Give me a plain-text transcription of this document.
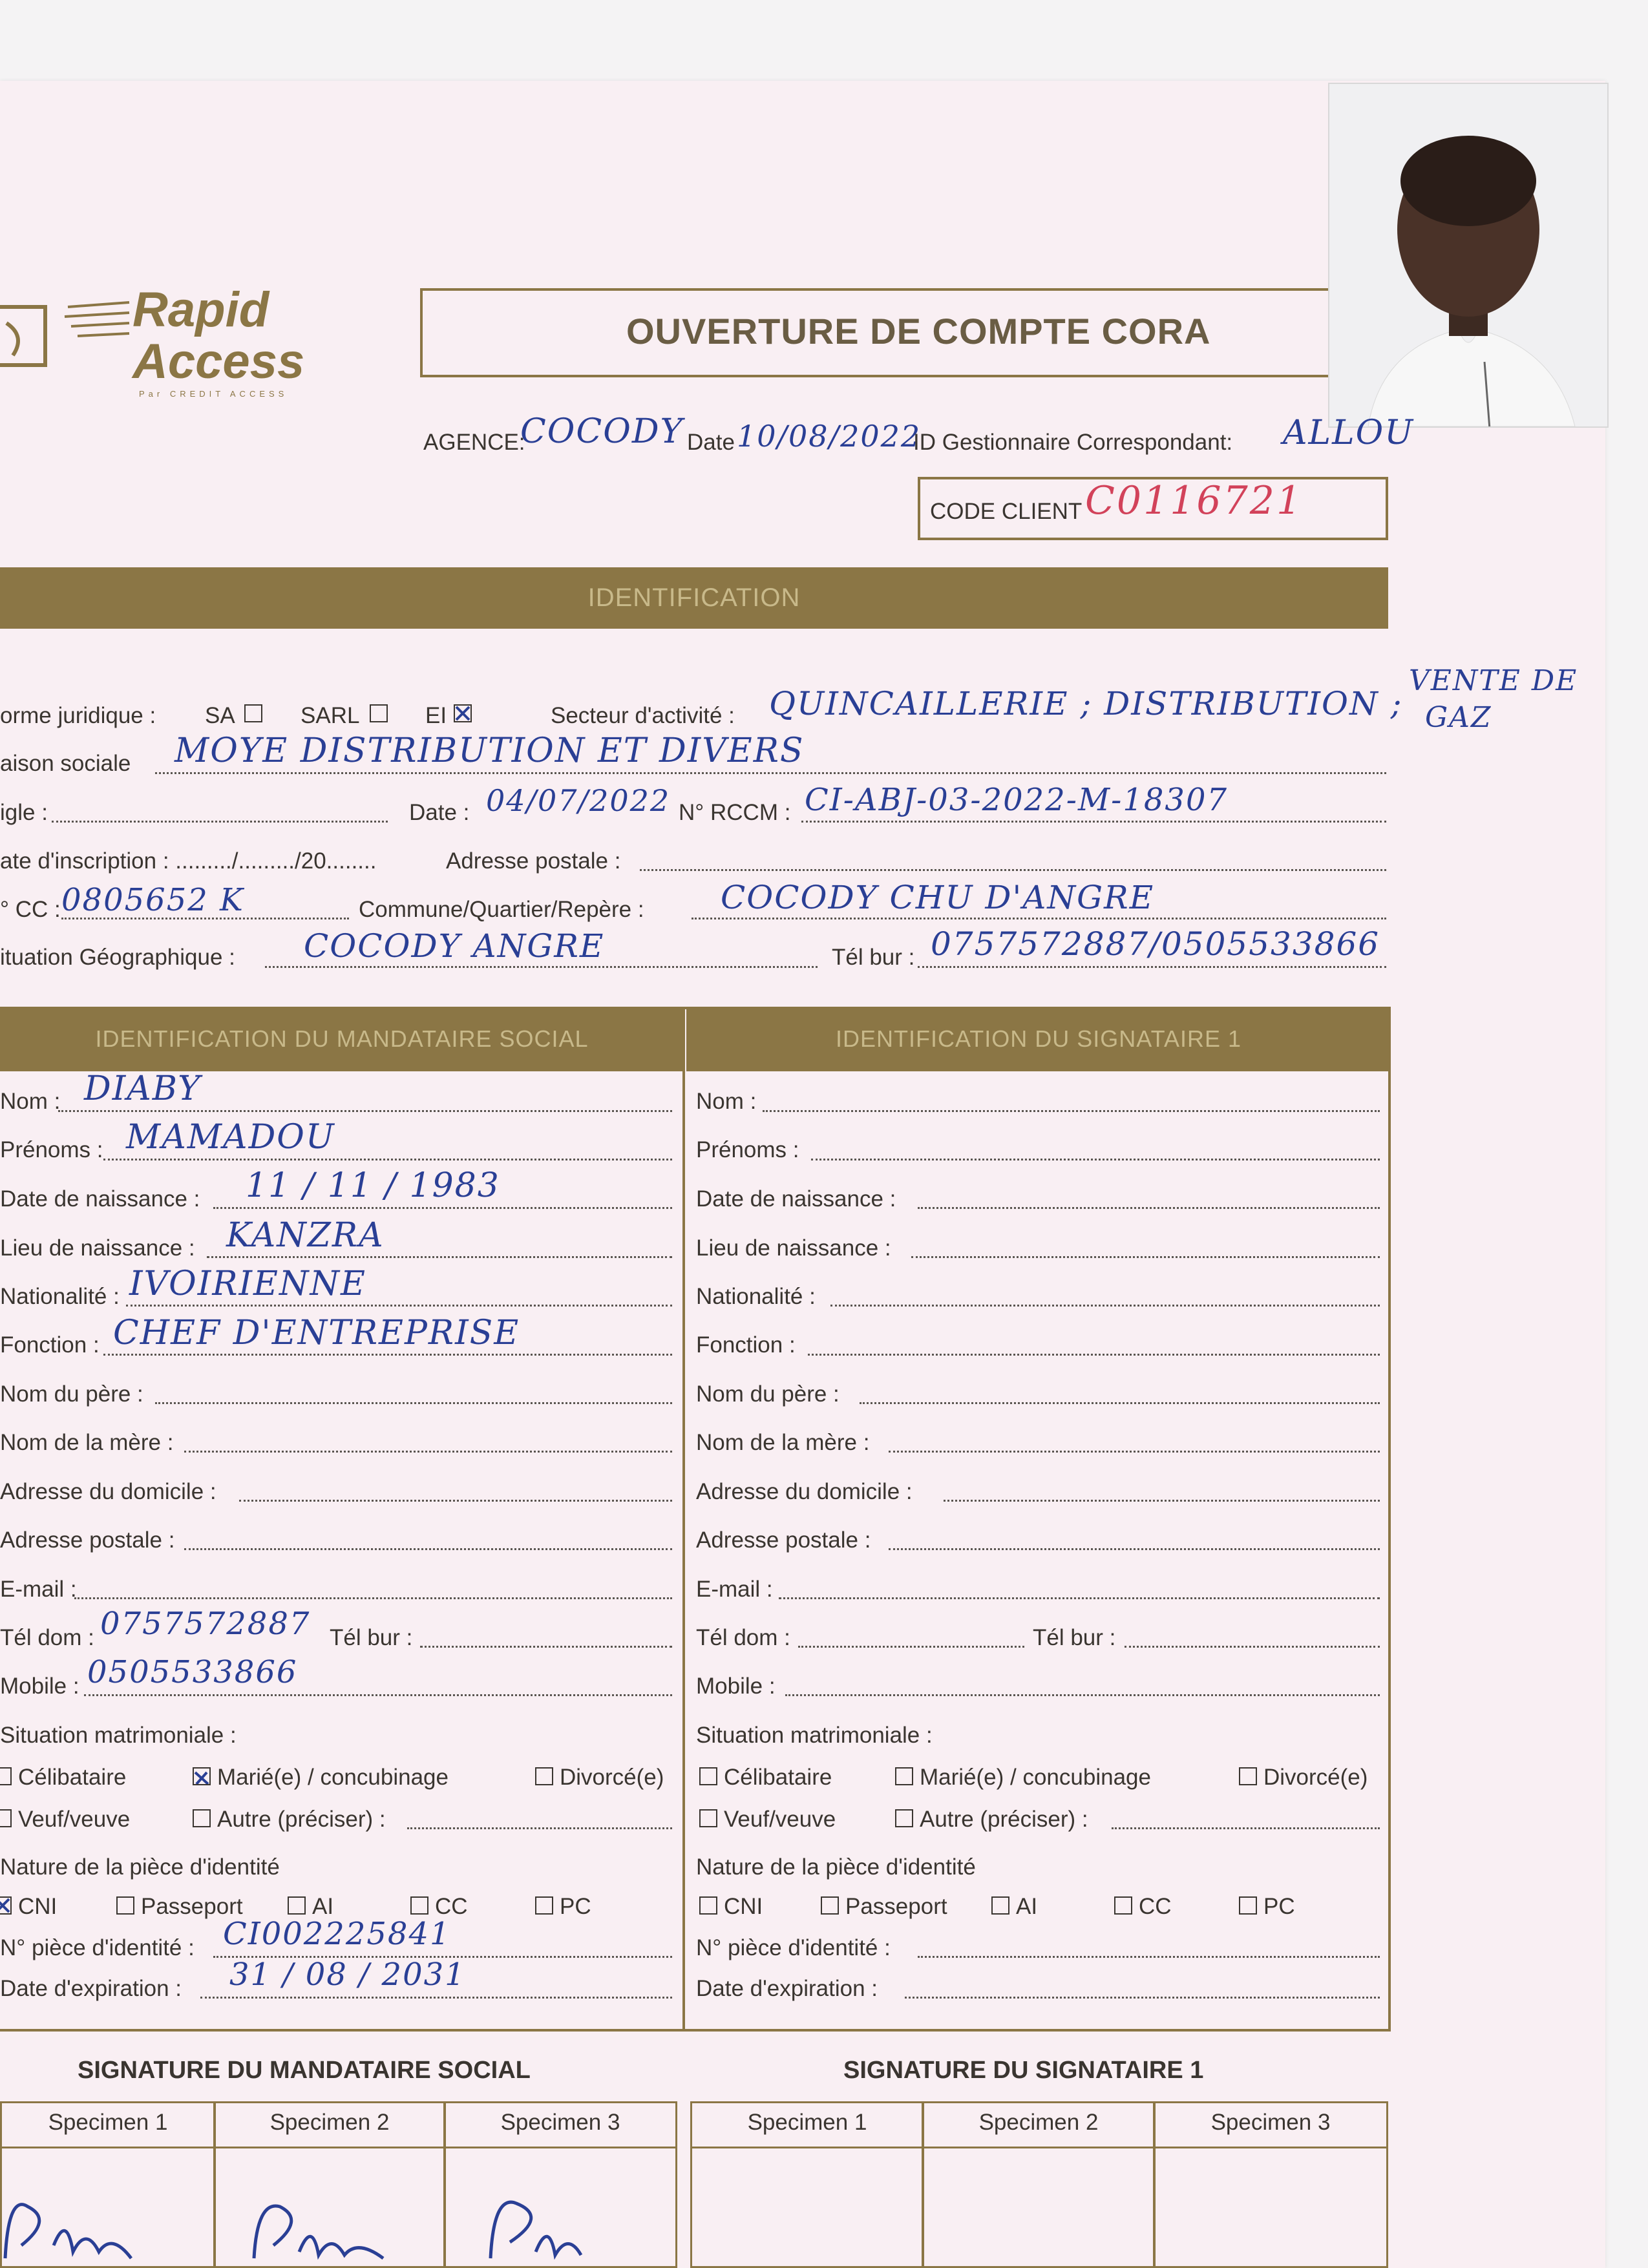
Rapid Access
Par CREDIT ACCESS
OUVERTURE DE COMPTE CORA
AGENCE:
COCODY Date 10/08/2022
ID Gestionnaire Correspondant: ALLOU
CODE CLIENT C0116721
IDENTIFICATION
orme juridique : SA	SARL	EI	Secteur d'activité : QUINCAILLERIE ; DISTRIBUTION ;
VENTE DE
GAZ
aison sociale MOYE DISTRIBUTION ET DIVERS
igle :	Date : 04/07/2022 N° RCCM : CI-ABJ-03-2022-M-18307
ate d'inscription : ........./........./20........	Adresse postale :
° CC : 0805652 K	Commune/Quartier/Repère : COCODY CHU D'ANGRE
ituation Géographique : COCODY ANGRE	Tél bur : 0757572887/0505533866
IDENTIFICATION DU MANDATAIRE SOCIAL	IDENTIFICATION DU SIGNATAIRE 1
Nom : DIABY
Prénoms : MAMADOU
Date de naissance : 11 / 11 / 1983
Lieu de naissance : KANZRA
Nationalité : IVOIRIENNE
Fonction : CHEF D'ENTREPRISE
Nom du père :
Nom de la mère :
Adresse du domicile :
Adresse postale :
E-mail :
Tél dom : 0757572887 Tél bur :
Mobile : 0505533866
Situation matrimoniale :
Célibataire	Marié(e) / concubinage	Divorcé(e)
Veuf/veuve	Autre (préciser) :
Nature de la pièce d'identité
CNI	Passeport	AI	CC	PC
N° pièce d'identité : CI002225841
Date d'expiration : 31 / 08 / 2031
Nom :
Prénoms :
Date de naissance :
Lieu de naissance :
Nationalité :
Fonction :
Nom du père :
Nom de la mère :
Adresse du domicile :
Adresse postale :
E-mail :
Tél dom :	Tél bur :
Mobile :
Situation matrimoniale :
Célibataire	Marié(e) / concubinage	Divorcé(e)
Veuf/veuve	Autre (préciser) :
Nature de la pièce d'identité
CNI	Passeport	AI	CC	PC
N° pièce d'identité :
Date d'expiration :
SIGNATURE DU MANDATAIRE SOCIAL	SIGNATURE DU SIGNATAIRE 1
Specimen 1	Specimen 2	Specimen 3	Specimen 1	Specimen 2	Specimen 3
